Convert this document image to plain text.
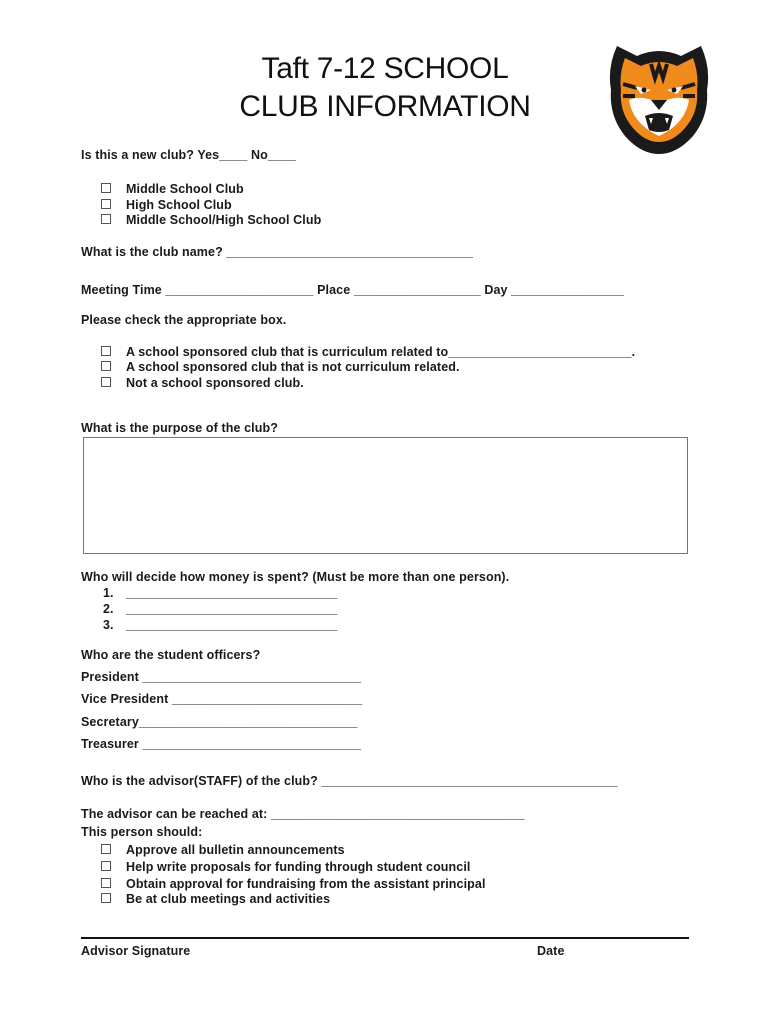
Taft 7-12 SCHOOL
CLUB INFORMATION
Is this a new club? Yes____ No____
Middle School Club
High School Club
Middle School/High School Club
What is the club name? ___________________________________
Meeting Time _____________________ Place __________________ Day ________________
Please check the appropriate box.
A school sponsored club that is curriculum related to__________________________.
A school sponsored club that is not curriculum related.
Not a school sponsored club.
What is the purpose of the club?
Who will decide how money is spent? (Must be more than one person).
1. ______________________________
2. ______________________________
3. ______________________________
Who are the student officers?
President _______________________________
Vice President ___________________________
Secretary_______________________________
Treasurer _______________________________
Who is the advisor(STAFF) of the club? __________________________________________
The advisor can be reached at: ____________________________________
This person should:
Approve all bulletin announcements
Help write proposals for funding through student council
Obtain approval for fundraising from the assistant principal
Be at club meetings and activities
Advisor Signature	Date
